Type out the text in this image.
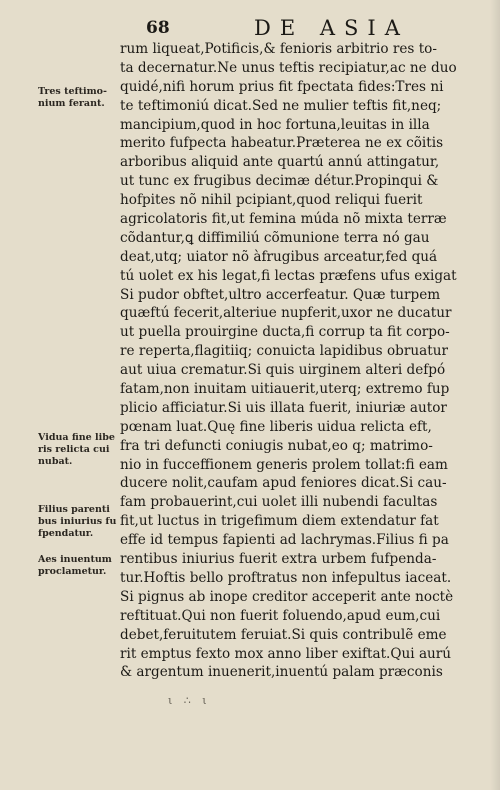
68	DE ASIA
Tres teftimo-
nium ferant.
Vidua fine libe
ris relicta cui
nubat.
Filius parenti
bus iniurius fu
fpendatur.
Aes inuentum
proclametur.
rum liqueat,Potificis,& fenioris arbitrio res to-
ta decernatur.Ne unus teftis recipiatur,ac ne duo
quidé,nifi horum prius fit fpectata fides:Tres ni
te teftimoniú dicat.Sed ne mulier teftis fit,neq;
mancipium,quod in hoc fortuna,leuitas in illa
merito fufpecta habeatur.Præterea ne ex cõitis
arboribus aliquid ante quartú annú attingatur,
ut tunc ex frugibus decimæ détur.Propinqui &
hofpites nõ nihil pcipiant,quod reliqui fuerit
agricolatoris fit,ut femina múda nõ mixta terræ
cõdantur,ꝗ diffimiliú cõmunione terra nó gau
deat,utq; uiator nõ àfrugibus arceatur,fed quá
tú uolet ex his legat,fi lectas præfens ufus exigat
Si pudor obftet,ultro accerfeatur. Quæ turpem
quæftú fecerit,alteriue nupferit,uxor ne ducatur
ut puella prouirgine ducta,fi corrup ta fit corpo-
re reperta,flagitiiq; conuicta lapidibus obruatur
aut uiua crematur.Si quis uirginem alteri defpó
fatam,non inuitam uitiauerit,uterq; extremo fup
plicio afficiatur.Si uis illata fuerit, iniuriæ autor
pœnam luat.Quę fine liberis uidua relicta eft,
fra tri defuncti coniugis nubat,eo q; matrimo-
nio in fucceffionem generis prolem tollat:fi eam
ducere nolit,caufam apud feniores dicat.Si cau-
fam probauerint,cui uolet illi nubendi facultas
fit,ut luctus in trigefimum diem extendatur fat
effe id tempus fapienti ad lachrymas.Filius fi pa
rentibus iniurius fuerit extra urbem fufpenda-
tur.Hoftis bello proftratus non infepultus iaceat.
Si pignus ab inope creditor acceperit ante noctè
reftituat.Qui non fuerit foluendo,apud eum,cui
debet,feruitutem feruiat.Si quis contribulẽ eme
rit emptus fexto mox anno liber exiftat.Qui aurú
& argentum inuenerit,inuentú palam præconis
ι ∴ ι
